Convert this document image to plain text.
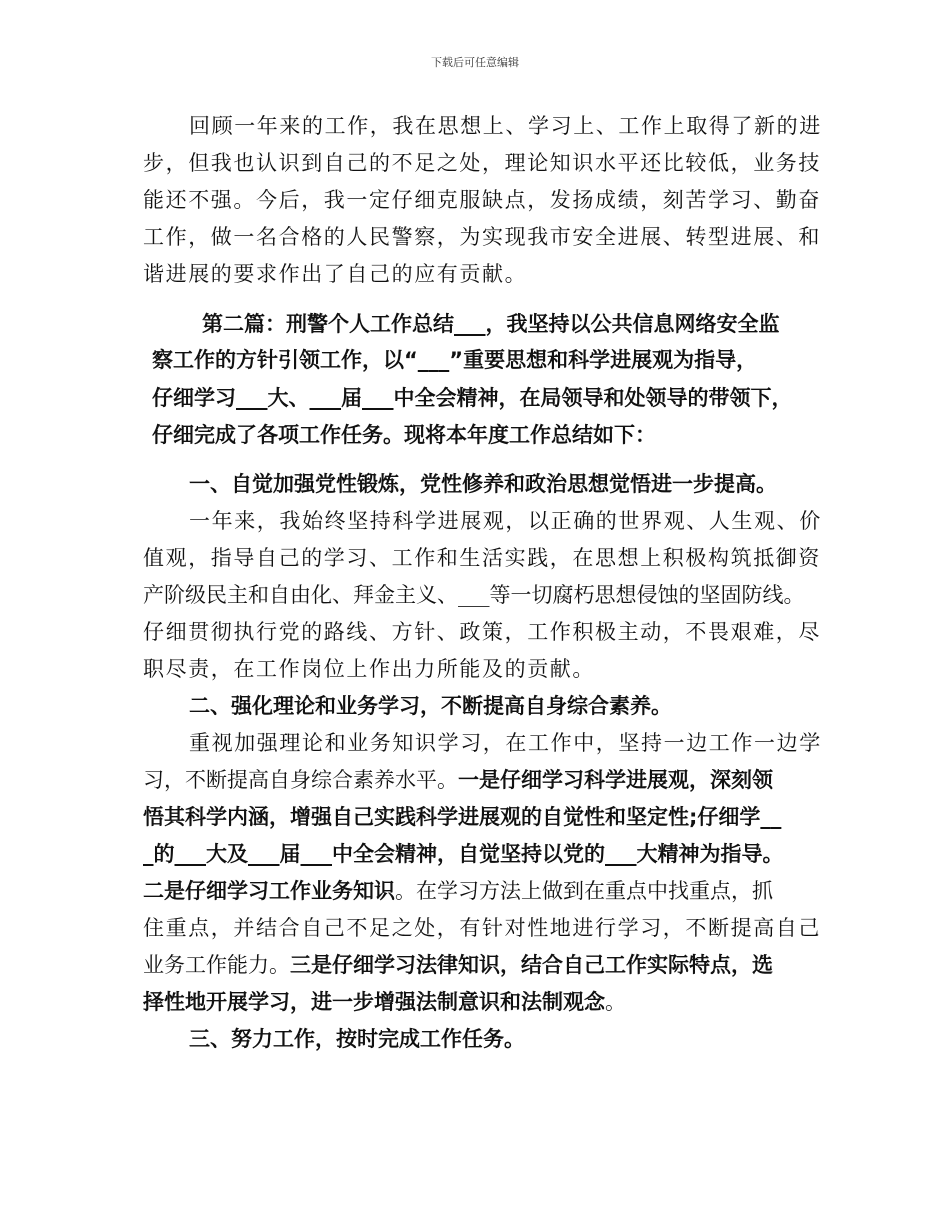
下载后可任意编辑
回顾一年来的工作，我在思想上、学习上、工作上取得了新的进
步，但我也认识到自己的不足之处，理论知识水平还比较低，业务技
能还不强。今后，我一定仔细克服缺点，发扬成绩，刻苦学习、勤奋
工作，做一名合格的人民警察，为实现我市安全进展、转型进展、和
谐进展的要求作出了自己的应有贡献。
第二篇：刑警个人工作总结___，我坚持以公共信息网络安全监
察工作的方针引领工作，以“___”重要思想和科学进展观为指导，
仔细学习___大、___届___中全会精神，在局领导和处领导的带领下，
仔细完成了各项工作任务。现将本年度工作总结如下：
一、自觉加强党性锻炼，党性修养和政治思想觉悟进一步提高。
一年来，我始终坚持科学进展观，以正确的世界观、人生观、价
值观，指导自己的学习、工作和生活实践，在思想上积极构筑抵御资
产阶级民主和自由化、拜金主义、___等一切腐朽思想侵蚀的坚固防线。
仔细贯彻执行党的路线、方针、政策，工作积极主动，不畏艰难，尽
职尽责，在工作岗位上作出力所能及的贡献。
二、强化理论和业务学习，不断提高自身综合素养。
重视加强理论和业务知识学习，在工作中，坚持一边工作一边学
习，不断提高自身综合素养水平。一是仔细学习科学进展观，深刻领
悟其科学内涵，增强自己实践科学进展观的自觉性和坚定性;仔细学__
_的___大及___届___中全会精神，自觉坚持以党的___大精神为指导。
二是仔细学习工作业务知识。在学习方法上做到在重点中找重点，抓
住重点，并结合自己不足之处，有针对性地进行学习，不断提高自己
业务工作能力。三是仔细学习法律知识，结合自己工作实际特点，选
择性地开展学习，进一步增强法制意识和法制观念。
三、努力工作，按时完成工作任务。
